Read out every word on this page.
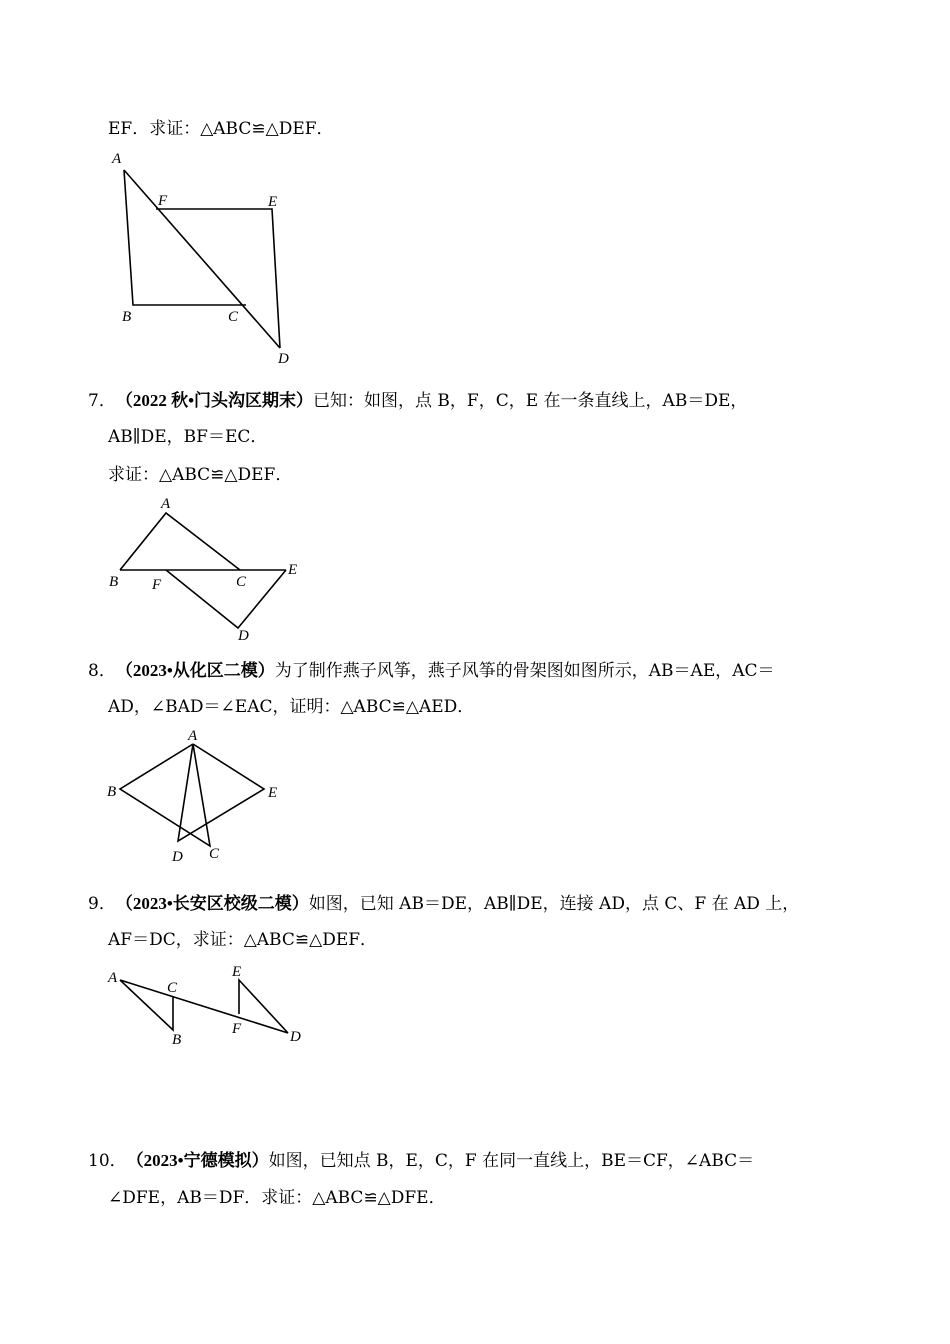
EF．求证：△ABC≌△DEF．
A
F	E
B	C
D
7．（2022 秋•门头沟区期末）已知：如图，点 B，F，C，E 在一条直线上，AB＝DE，
AB∥DE，BF＝EC．
求证：△ABC≌△DEF．
A
B F	C
E
D
8．（2023•从化区二模）为了制作燕子风筝，燕子风筝的骨架图如图所示，AB＝AE，AC＝
AD，∠BAD＝∠EAC，证明：△ABC≌△AED．
A
B	E
D C
9．（2023•长安区校级二模）如图，已知 AB＝DE，AB∥DE，连接 AD，点 C、F 在 AD 上，
AF＝DC，求证：△ABC≌△DEF．
A
C
E
B
F	D
10．（2023•宁德模拟）如图，已知点 B，E，C，F 在同一直线上，BE＝CF，∠ABC＝
∠DFE，AB＝DF．求证：△ABC≌△DFE．
